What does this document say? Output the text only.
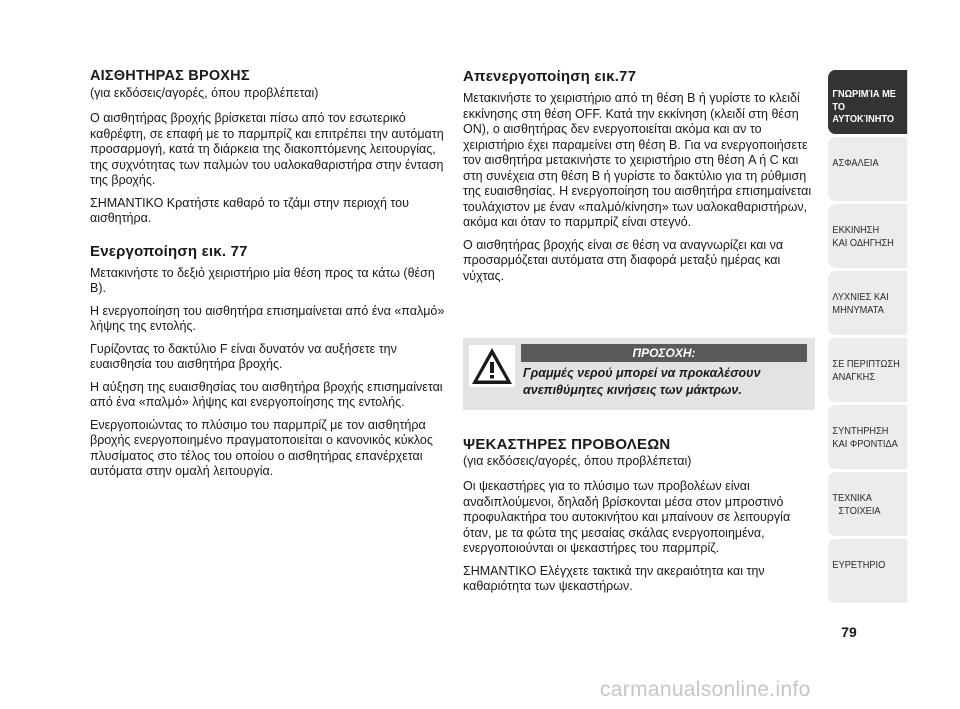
ΑΙΣΘΗΤΗΡΑΣ ΒΡΟΧΗΣ
(για εκδόσεις/αγορές, όπου προβλέπεται)

Ο αισθητήρας βροχής βρίσκεται πίσω από τον εσωτερικό καθρέφτη, σε επαφή με το παρμπρίζ και επιτρέπει την αυτόματη προσαρμογή, κατά τη διάρκεια της διακοπτόμενης λειτουργίας, της συχνότητας των παλμών του υαλοκαθαριστήρα στην ένταση της βροχής.

ΣΗΜΑΝΤΙΚΟ Κρατήστε καθαρό το τζάμι στην περιοχή του αισθητήρα.

Ενεργοποίηση εικ. 77

Μετακινήστε το δεξιό χειριστήριο μία θέση προς τα κάτω (θέση B).

Η ενεργοποίηση του αισθητήρα επισημαίνεται από ένα «παλμό» λήψης της εντολής.

Γυρίζοντας το δακτύλιο F είναι δυνατόν να αυξήσετε την ευαισθησία του αισθητήρα βροχής.

Η αύξηση της ευαισθησίας του αισθητήρα βροχής επισημαίνεται από ένα «παλμό» λήψης και ενεργοποίησης της εντολής.

Ενεργοποιώντας το πλύσιμο του παρμπρίζ με τον αισθητήρα βροχής ενεργοποιημένο πραγματοποιείται ο κανονικός κύκλος πλυσίματος στο τέλος του οποίου ο αισθητήρας επανέρχεται αυτόματα στην ομαλή λειτουργία.

Απενεργοποίηση εικ.77

Μετακινήστε το χειριστήριο από τη θέση B ή γυρίστε το κλειδί εκκίνησης στη θέση OFF. Κατά την εκκίνηση (κλειδί στη θέση ON), ο αισθητήρας δεν ενεργοποιείται ακόμα και αν το χειριστήριο έχει παραμείνει στη θέση B. Για να ενεργοποιήσετε τον αισθητήρα μετακινήστε το χειριστήριο στη θέση A ή C και στη συνέχεια στη θέση B ή γυρίστε το δακτύλιο για τη ρύθμιση της ευαισθησίας. Η ενεργοποίηση του αισθητήρα επισημαίνεται τουλάχιστον με έναν «παλμό/κίνηση» των υαλοκαθαριστήρων, ακόμα και όταν το παρμπρίζ είναι στεγνό.

Ο αισθητήρας βροχής είναι σε θέση να αναγνωρίζει και να προσαρμόζεται αυτόματα στη διαφορά μεταξύ ημέρας και νύχτας.

ΠΡΟΣΟΧΗ:
Γραμμές νερού μπορεί να προκαλέσουν ανεπιθύμητες κινήσεις των μάκτρων.
ΨΕΚΑΣΤΗΡΕΣ ΠΡΟΒΟΛΕΩΝ
(για εκδόσεις/αγορές, όπου προβλέπεται)

Οι ψεκαστήρες για το πλύσιμο των προβολέων είναι αναδιπλούμενοι, δηλαδή βρίσκονται μέσα στον μπροστινό προφυλακτήρα του αυτοκινήτου και μπαίνουν σε λειτουργία όταν, με τα φώτα της μεσαίας σκάλας ενεργοποιημένα, ενεργοποιούνται οι ψεκαστήρες του παρμπρίζ.

ΣΗΜΑΝΤΙΚΟ Ελέγχετε τακτικά την ακεραιότητα και την καθαριότητα των ψεκαστήρων.

ΓΝΩΡΙΜΊΑ ΜΕ
ΤΟ ΑΥΤΟΚΊΝΗΤΟ
ΑΣΦΑΛΕΙΑ
ΕΚΚΙΝΗΣΗ
ΚΑΙ ΟΔΗΓΗΣΗ
ΛΥΧΝΙΕΣ ΚΑΙ
ΜΗΝΥΜΑΤΑ
ΣΕ ΠΕΡΙΠΤΩΣΗ
ΑΝΑΓΚΗΣ
ΣΥΝΤΗΡΗΣΗ
ΚΑΙ ΦΡΟΝΤΙΔΑ
ΤΕΧΝΙΚΑ
ΣΤΟΙΧΕΙΑ
ΕΥΡΕΤΗΡΙΟ
79
carmanualsonline.info
